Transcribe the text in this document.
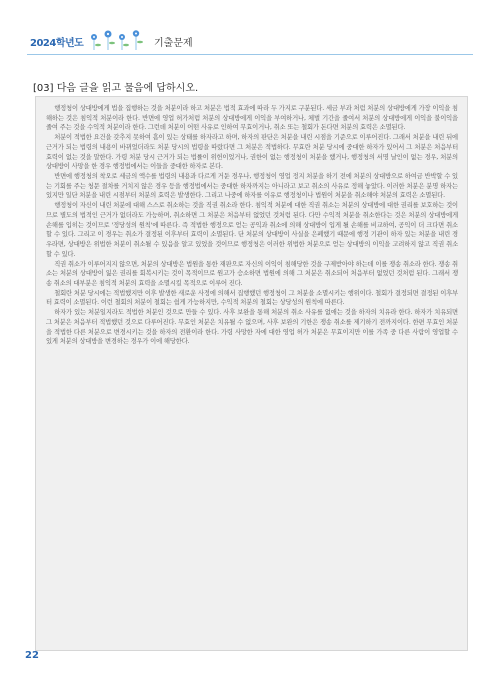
2024학년도	기출문제
[03] 다음 글을 읽고 물음에 답하시오.

행정청이 상대방에게 법을 집행하는 것을 처분이라 하고 처분은 법적 효과에 따라 두 가지로 구분된다. 세금 부과 처럼 처분의 상대방에게 가장 이익을 침해하는 것은 침익적 처분이라 한다. 반면에 영업 허가처럼 처분의 상대방에게 이익을 부여하거나, 체벌 기간을 줄여서 처분의 상대방에게 이익을 불이익을 줄여 주는 것을 수익적 처분이라 한다. 그런데 처분이 어떤 사유로 인하여 무효이거나, 취소 또는 철회가 돈다면 처분의 효력은 소멸된다.

처분이 적법한 요건을 갖추지 못하여 흠이 있는 상태를 하자라고 하며, 하자의 판단은 처분을 내린 시점을 기준으로 이루어진다. 그래서 처분을 내린 뒤에 근거가 되는 법령의 내용이 바뀌었더라도 처분 당시의 법령을 따랐다면 그 처분은 적법하다. 무효란 처분 당시에 중대한 하자가 있어서 그 처분은 처음부터 효력이 없는 것을 말한다. 가령 처분 당시 근거가 되는 법률이 위헌이었거나, 권한이 없는 행정청이 처분을 했거나, 행정청의 서명 날인이 없는 경우, 처분의 상대방이 사망을 한 경우 행정법에서는 이들을 중대한 하자로 본다.

반면에 행정청의 착오로 세금의 액수를 법령의 내용과 다르게 거둔 경우나, 행정청이 영업 정지 처분을 하기 전에 처분의 상대방으로 하여금 반박할 수 있는 기회를 주는 청문 절차를 거치지 않은 경우 등을 행정법에서는 중대한 하자까지는 아니라고 보고 취소의 사유로 정해 놓았다. 이러한 처분은 분명 하자는 있지만 일단 처분을 내린 시점부터 처분의 효력은 발생한다. 그리고 나중에 하자를 이유로 행정청이나 법원이 처분을 취소해야 처분의 효력은 소멸된다.

행정청이 자신이 내린 처분에 대해 스스로 취소하는 것을 직권 취소라 한다. 침익적 처분에 대한 직권 취소는 처분의 상대방에 대한 권리를 보호하는 것이므로 별도의 법적인 근거가 없더라도 가능하며, 취소하면 그 처분은 처음부터 없었던 것처럼 된다. 다만 수익적 처분을 취소한다는 것은 처분의 상대방에게 손해를 입히는 것이므로 '정당성의 원칙'에 따른다. 즉 적법한 행정으로 얻는 공익과 취소에 의해 상대방이 입게 될 손해를 비교하여, 공익이 더 크다면 취소할 수 있다. 그리고 이 경우는 취소가 결정된 이후부터 효력이 소멸된다. 단 처분의 상대방이 사실을 은폐했기 때문에 행정 기관이 하자 있는 처분을 내린 경우라면, 상대방은 위법한 처분이 취소될 수 있음을 알고 있었을 것이므로 행정청은 이러한 위법한 처분으로 얻는 상대방의 이익을 고려하지 않고 직권 취소할 수 있다.

직권 취소가 이루어지지 않으면, 처분의 상대방은 법원을 통한 재판으로 자신의 이익이 침해당한 것을 구제받아야 하는데 이를 쟁송 취소라 한다. 쟁송 취소는 처분의 상대방이 잃은 권리를 회복시키는 것이 목적이므로 원고가 승소하면 법원에 의해 그 처분은 취소되어 처음부터 없었던 것처럼 된다. 그래서 쟁송 취소의 대부분은 침익적 처분의 효력을 소멸시킬 목적으로 이루어 진다.

철회란 처분 당시에는 적법했지만 이후 발생한 새로운 사정에 의해서 집행했던 행정청이 그 처분을 소멸시키는 행위이다. 철회가 결정되면 결정된 이후부터 효력이 소멸된다. 이런 철회의 처분이 철회는 쉽게 가능하지만, 수익적 처분의 철회는 상당성의 원칙에 따른다.

하자가 있는 처분일지라도 적법한 처분인 것으로 만들 수 있다. 사후 보완을 통해 처분의 취소 사유를 없애는 것을 하자의 치유라 한다. 하자가 치유되면 그 처분은 처음부터 적법했던 것으로 다루어진다. 무효인 처분은 치유될 수 없으며, 사후 보완의 기한은 쟁송 취소를 제기하기 전까지이다. 한편 무효인 처분을 적법한 다른 처분으로 변경시키는 것을 하자의 전환이라 한다. 가령 사망한 자에 대한 영업 허가 처분은 무효이지만 이를 가족 중 다른 사람이 영업할 수 있게 처분의 상대방을 변경하는 경우가 이에 해당한다.

22
